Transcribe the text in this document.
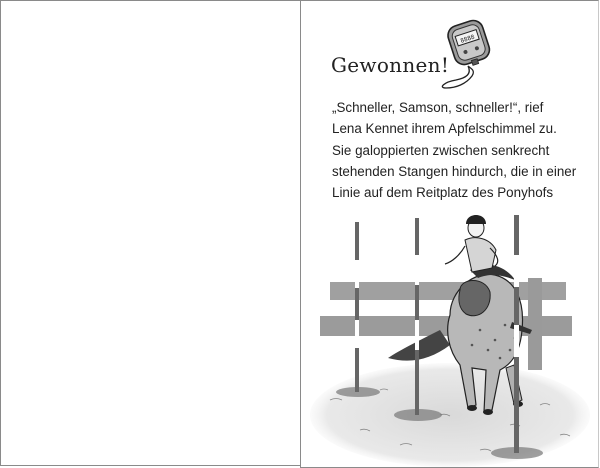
Gewonnen!
8888
„Schneller, Samson, schneller!“, rief
Lena Kennet ihrem Apfelschimmel zu.
Sie galoppierten zwischen senkrecht
stehenden Stangen hindurch, die in einer
Linie auf dem Reitplatz des Ponyhofs
